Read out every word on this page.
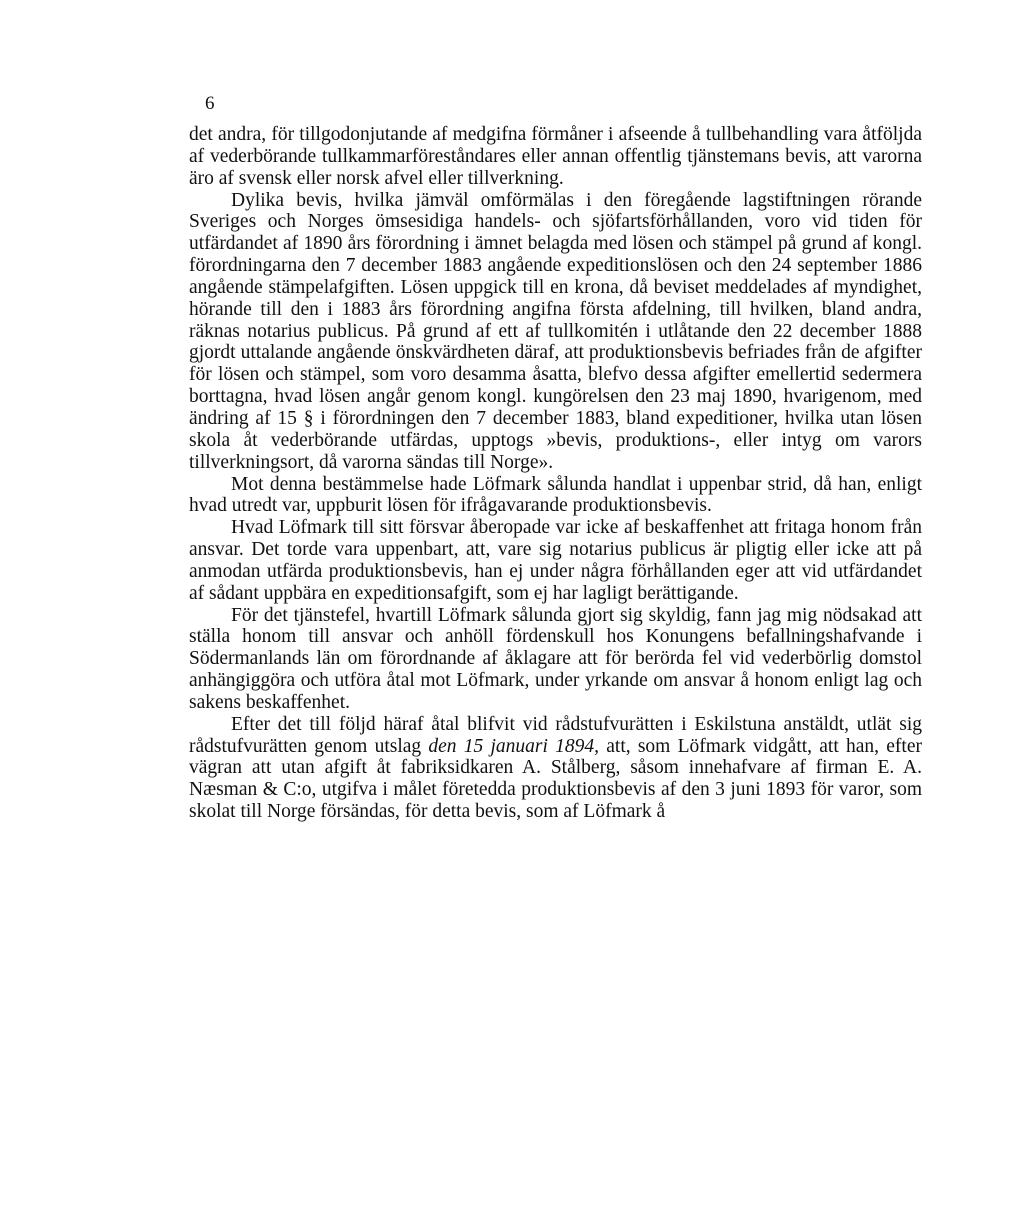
6

det andra, för tillgodonjutande af medgifna förmåner i afseende å tullbehandling vara åtföljda af vederbörande tullkammarföreståndares eller annan offentlig tjänstemans bevis, att varorna äro af svensk eller norsk afvel eller tillverkning.

Dylika bevis, hvilka jämväl omförmälas i den föregående lagstiftningen rörande Sveriges och Norges ömsesidiga handels- och sjöfartsförhållanden, voro vid tiden för utfärdandet af 1890 års förordning i ämnet belagda med lösen och stämpel på grund af kongl. förordningarna den 7 december 1883 angående expeditionslösen och den 24 september 1886 angående stämpelafgiften. Lösen uppgick till en krona, då beviset meddelades af myndighet, hörande till den i 1883 års förordning angifna första afdelning, till hvilken, bland andra, räknas notarius publicus. På grund af ett af tullkomitén i utlåtande den 22 december 1888 gjordt uttalande angående önskvärdheten däraf, att produktionsbevis befriades från de afgifter för lösen och stämpel, som voro desamma åsatta, blefvo dessa afgifter emellertid sedermera borttagna, hvad lösen angår genom kongl. kungörelsen den 23 maj 1890, hvarigenom, med ändring af 15 § i förordningen den 7 december 1883, bland expeditioner, hvilka utan lösen skola åt vederbörande utfärdas, upptogs »bevis, produktions-, eller intyg om varors tillverkningsort, då varorna sändas till Norge».

Mot denna bestämmelse hade Löfmark sålunda handlat i uppenbar strid, då han, enligt hvad utredt var, uppburit lösen för ifrågavarande produktionsbevis.

Hvad Löfmark till sitt försvar åberopade var icke af beskaffenhet att fritaga honom från ansvar. Det torde vara uppenbart, att, vare sig notarius publicus är pligtig eller icke att på anmodan utfärda produktionsbevis, han ej under några förhållanden eger att vid utfärdandet af sådant uppbära en expeditionsafgift, som ej har lagligt berättigande.

För det tjänstefel, hvartill Löfmark sålunda gjort sig skyldig, fann jag mig nödsakad att ställa honom till ansvar och anhöll fördenskull hos Konungens befallningshafvande i Södermanlands län om förordnande af åklagare att för berörda fel vid vederbörlig domstol anhängiggöra och utföra åtal mot Löfmark, under yrkande om ansvar å honom enligt lag och sakens beskaffenhet.

Efter det till följd häraf åtal blifvit vid rådstufvurätten i Eskilstuna anstäldt, utlät sig rådstufvurätten genom utslag den 15 januari 1894, att, som Löfmark vidgått, att han, efter vägran att utan afgift åt fabriksidkaren A. Stålberg, såsom innehafvare af firman E. A. Næsman & C:o, utgifva i målet företedda produktionsbevis af den 3 juni 1893 för varor, som skolat till Norge försändas, för detta bevis, som af Löfmark å
